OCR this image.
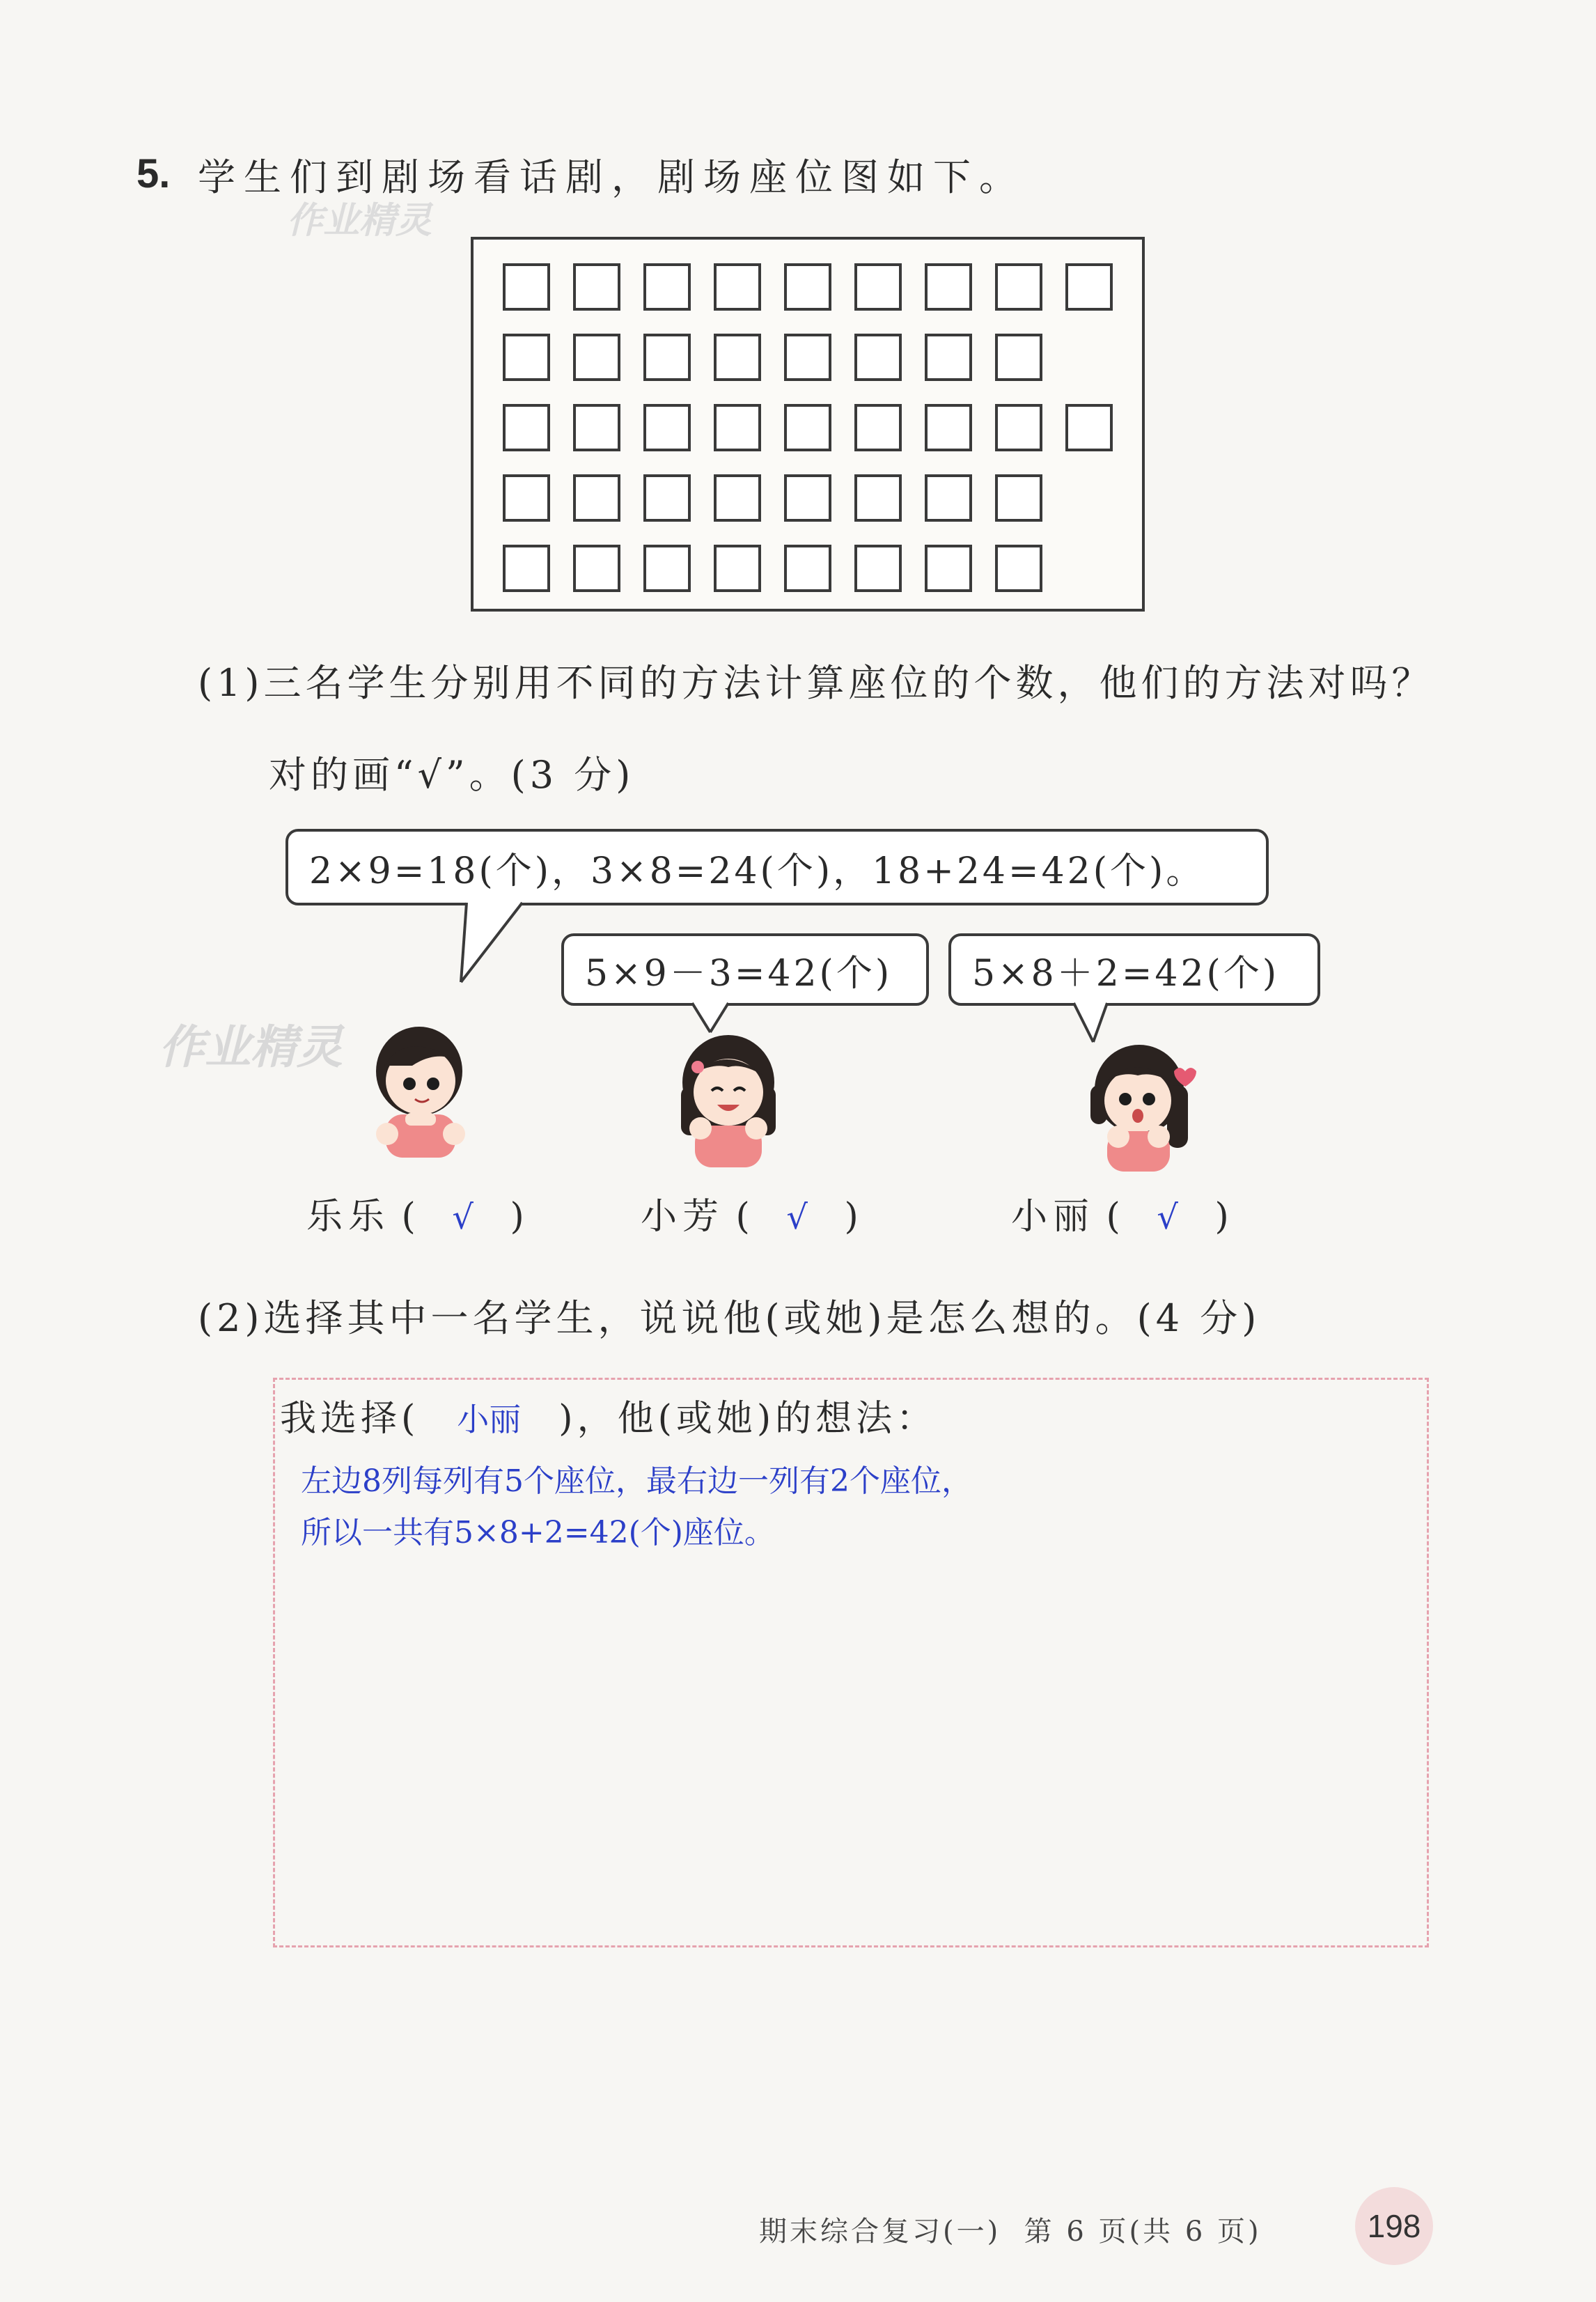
5. 学生们到剧场看话剧，剧场座位图如下。
作业精灵
(1)三名学生分别用不同的方法计算座位的个数，他们的方法对吗？
对的画“√”。(3 分)
2×9=18(个)，3×8=24(个)，18+24=42(个)。
5×9－3=42(个) 5×8＋2=42(个)
作业精灵
乐乐 ( √ )	小芳 ( √ )	小丽 ( √ )
(2)选择其中一名学生，说说他(或她)是怎么想的。(4 分)
我选择( 小丽 )，他(或她)的想法：
左边8列每列有5个座位，最右边一列有2个座位，
所以一共有5×8+2=42(个)座位。
期末综合复习(一)  第 6 页(共 6 页)	198
